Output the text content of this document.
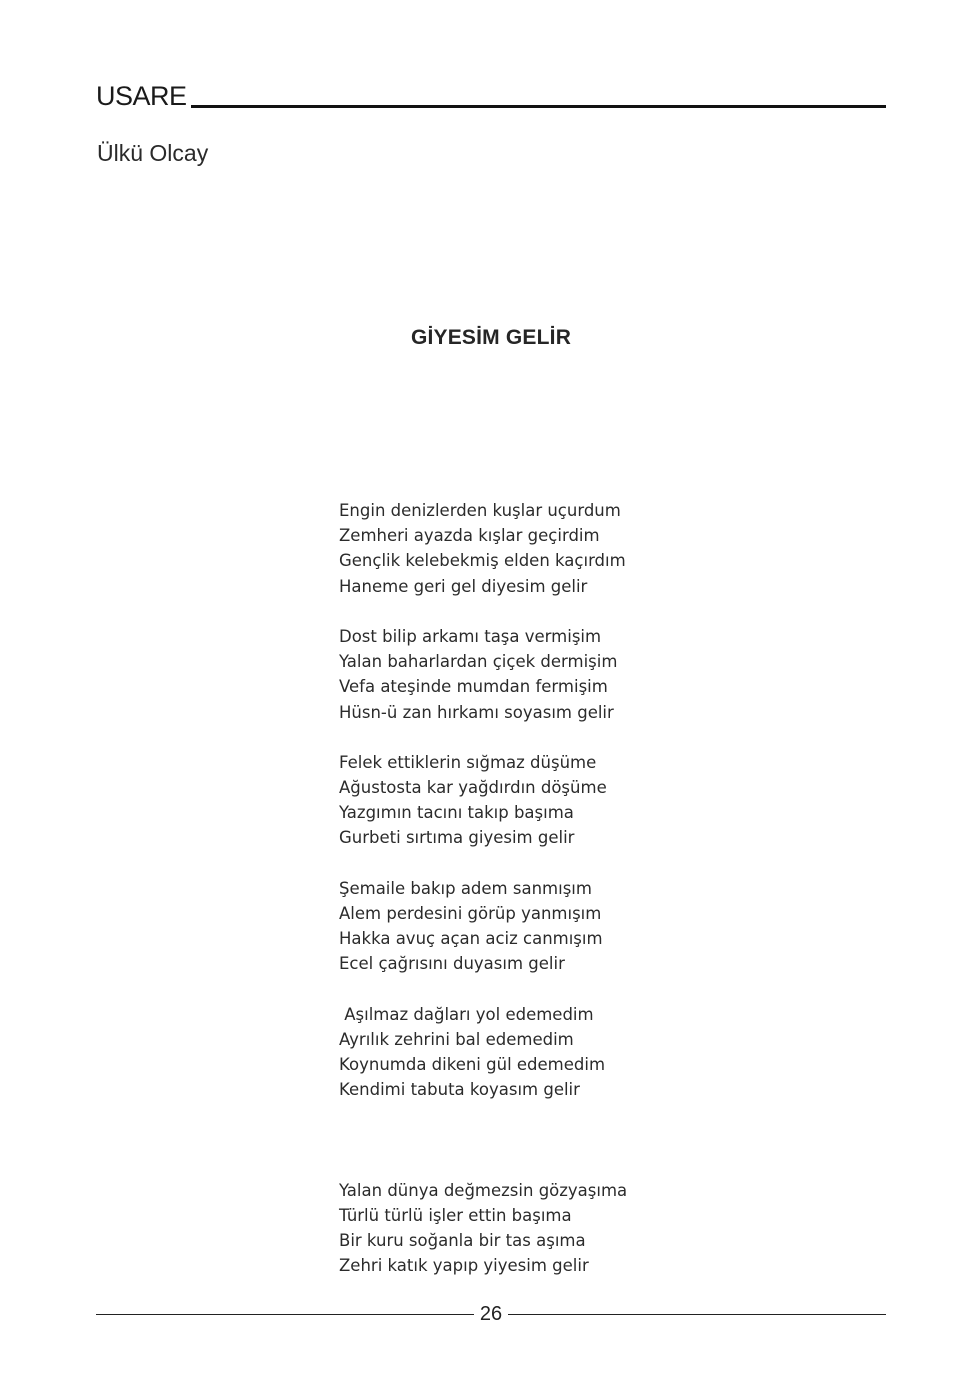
USARE
Ülkü Olcay
GİYESİM GELİR
Engin denizlerden kuşlar uçurdum
Zemheri ayazda kışlar geçirdim
Gençlik kelebekmiş elden kaçırdım
Haneme geri gel diyesim gelir
Dost bilip arkamı taşa vermişim
Yalan baharlardan çiçek dermişim
Vefa ateşinde mumdan fermişim
Hüsn-ü zan hırkamı soyasım gelir
Felek ettiklerin sığmaz düşüme
Ağustosta kar yağdırdın döşüme
Yazgımın tacını takıp başıma
Gurbeti sırtıma giyesim gelir
Şemaile bakıp adem sanmışım
Alem perdesini görüp yanmışım
Hakka avuç açan aciz canmışım
Ecel çağrısını duyasım gelir
Aşılmaz dağları yol edemedim
Ayrılık zehrini bal edemedim
Koynumda dikeni gül edemedim
Kendimi tabuta koyasım gelir
Yalan dünya değmezsin gözyaşıma
Türlü türlü işler ettin başıma
Bir kuru soğanla bir tas aşıma
Zehri katık yapıp yiyesim gelir
26
